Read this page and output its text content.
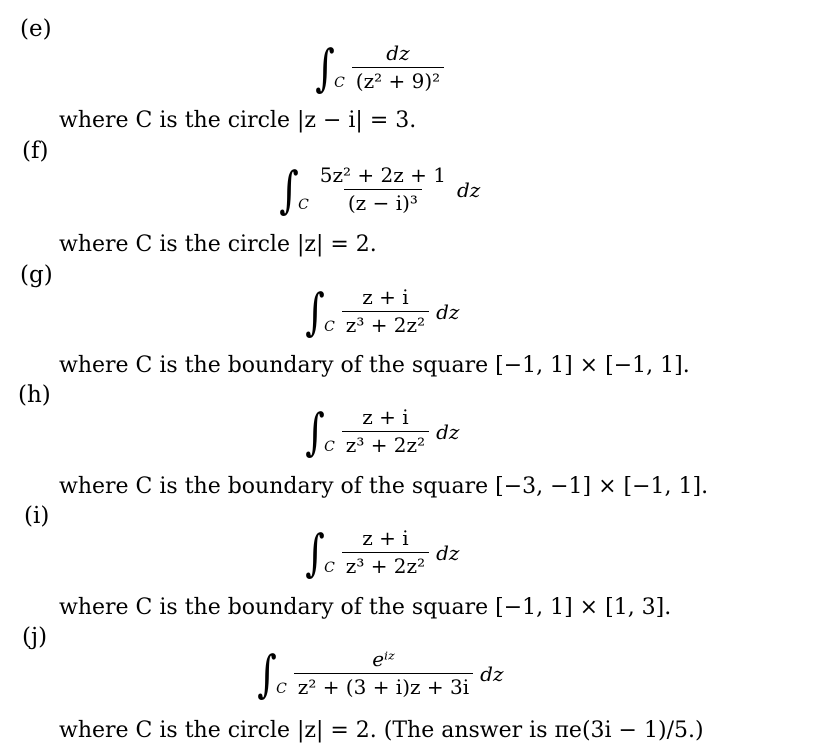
(e)
∫ C $\frac{dz}{\text{(z² + 9)²}}$
where C is the circle |z − i| = 3.
(f)
∫ C $\frac{\text{5z² + 2z + 1}}{\text{(z − i)³}}$ dz
where C is the circle |z| = 2.
(g)
∫ C $\frac{z + i}{\text{z³ + 2z²}}$ dz
where C is the boundary of the square [−1, 1] × [−1, 1].
(h)
∫ C $\frac{z + i}{\text{z³ + 2z²}}$ dz
where C is the boundary of the square [−3, −1] × [−1, 1].
(i)
∫ C $\frac{z + i}{\text{z³ + 2z²}}$ dz
where C is the boundary of the square [−1, 1] × [1, 3].
(j)
∫ C $\frac{\text{eⁱᶻ}}{\text{z² + (3 + i)z + 3i}}$ dz
where C is the circle |z| = 2. (The answer is πe(3i − 1)/5.)
